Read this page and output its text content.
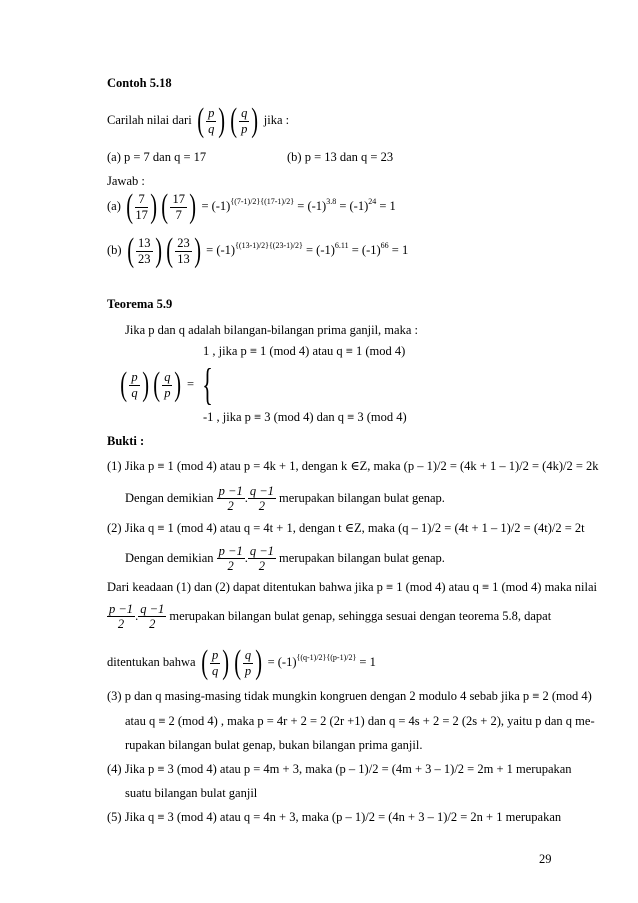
Contoh 5.18
Carilah nilai dari ( $\frac{p}{q}$ ) ( $\frac{q}{p}$ ) jika :
(a) p = 7 dan q = 17	(b) p = 13 dan q = 23
Jawab :
(a) ( $\frac{7}{17}$ ) ( $\frac{17}{7}$ ) = $(-1)^{\{(7-1)/2\}\{(17-1)/2\}} = (-1)^{3.8} = (-1)^{24} = 1$
(b) ( $\frac{13}{23}$ ) ( $\frac{23}{13}$ ) = $(-1)^{\{(13-1)/2\}\{(23-1)/2\}} = (-1)^{6.11} = (-1)^{66} = 1$
Teorema 5.9
Jika p dan q adalah bilangan-bilangan prima ganjil, maka :
1 , jika p ≡ 1 (mod 4) atau q ≡ 1 (mod 4)
( $\frac{p}{q}$ ) ( $\frac{q}{p}$ ) = {
-1 , jika p ≡ 3 (mod 4) dan q ≡ 3 (mod 4)
Bukti :
(1) Jika p ≡ 1 (mod 4) atau p = 4k + 1, dengan k ∈Z, maka (p – 1)/2 = (4k + 1 – 1)/2 = (4k)/2 = 2k
Dengan demikian $\frac{p -1}{2}$ . $\frac{q -1}{2}$ merupakan bilangan bulat genap.
(2) Jika q ≡ 1 (mod 4) atau q = 4t + 1, dengan t ∈Z, maka (q – 1)/2 = (4t + 1 – 1)/2 = (4t)/2 = 2t
Dengan demikian $\frac{p -1}{2}$ . $\frac{q -1}{2}$ merupakan bilangan bulat genap.
Dari keadaan (1) dan (2) dapat ditentukan bahwa jika p ≡ 1 (mod 4) atau q ≡ 1 (mod 4) maka nilai
$\frac{p -1}{2}$ . $\frac{q -1}{2}$ merupakan bilangan bulat genap, sehingga sesuai dengan teorema 5.8, dapat
ditentukan bahwa ( $\frac{p}{q}$ ) ( $\frac{q}{p}$ ) = $(-1)^{\{(q-1)/2\}\{(p-1)/2\}} = 1$
(3) p dan q masing-masing tidak mungkin kongruen dengan 2 modulo 4 sebab jika p ≡ 2 (mod 4)
atau q ≡ 2 (mod 4) , maka p = 4r + 2 = 2 (2r +1) dan q = 4s + 2 = 2 (2s + 2), yaitu p dan q me-
rupakan bilangan bulat genap, bukan bilangan prima ganjil.
(4) Jika p ≡ 3 (mod 4) atau p = 4m + 3, maka (p – 1)/2 = (4m + 3 – 1)/2 = 2m + 1 merupakan
suatu bilangan bulat ganjil
(5) Jika q ≡ 3 (mod 4) atau q = 4n + 3, maka (p – 1)/2 = (4n + 3 – 1)/2 = 2n + 1 merupakan
29
